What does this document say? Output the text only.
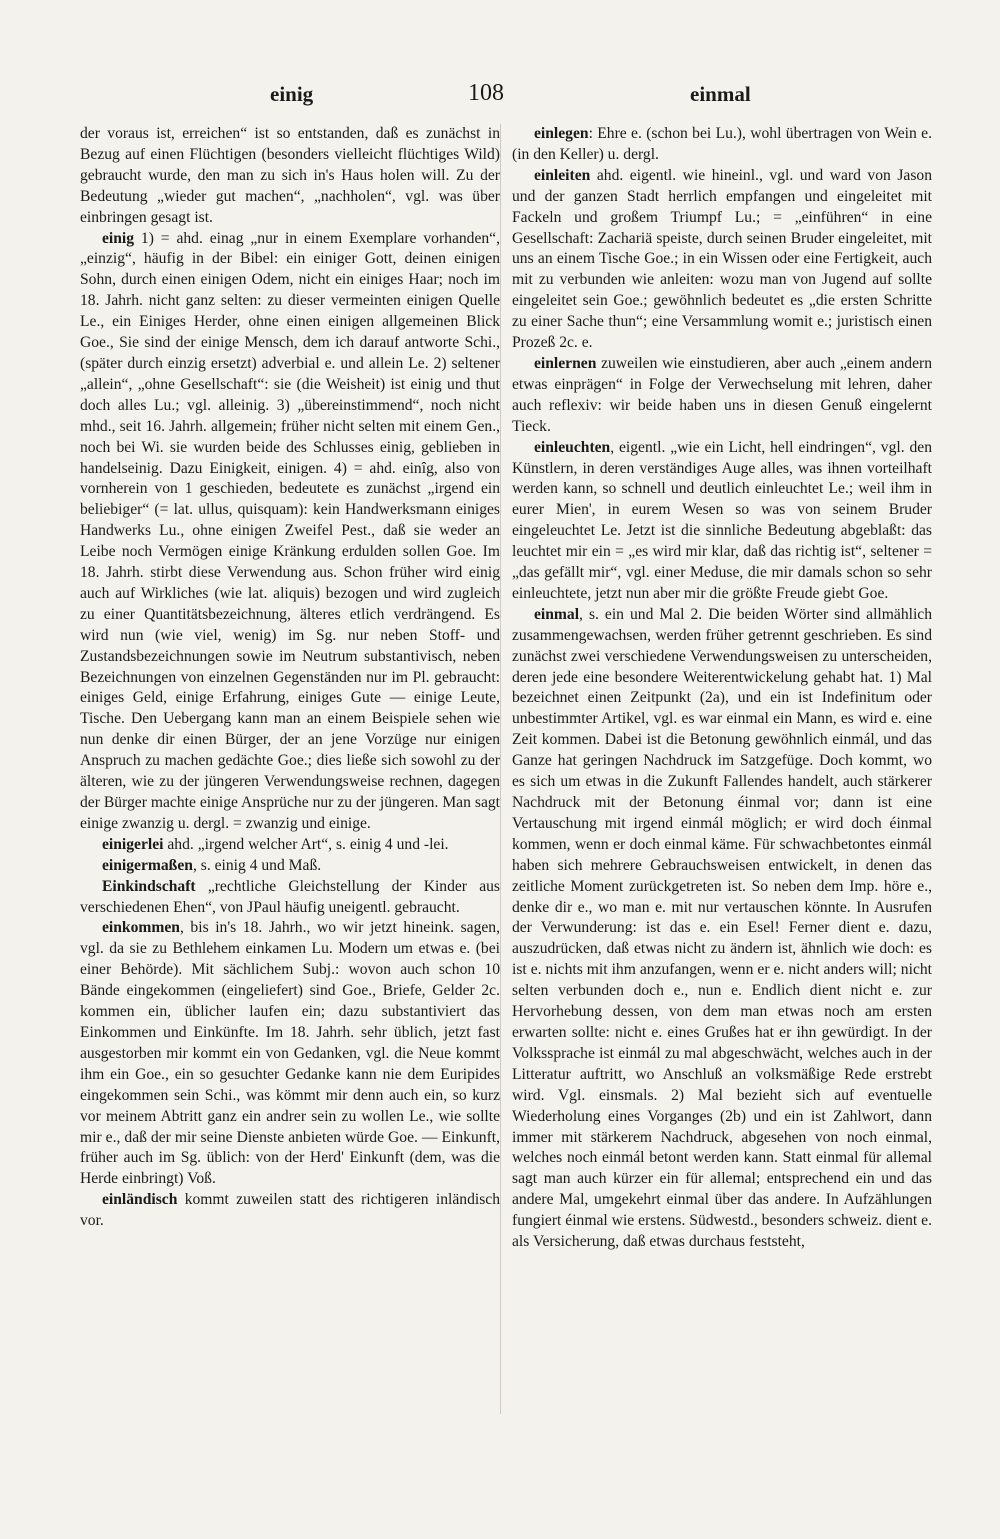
einig	108	einmal

der voraus ist, erreichen“ ist so entstanden, daß es zunächst in Bezug auf einen Flüchtigen (besonders vielleicht flüchtiges Wild) gebraucht wurde, den man zu sich in's Haus holen will. Zu der Bedeutung „wieder gut machen“, „nachholen“, vgl. was über einbringen gesagt ist.

einig 1) = ahd. einag „nur in einem Exemplare vorhanden“, „einzig“, häufig in der Bibel: ein einiger Gott, deinen einigen Sohn, durch einen einigen Odem, nicht ein einiges Haar; noch im 18. Jahrh. nicht ganz selten: zu dieser vermeinten einigen Quelle Le., ein Einiges Herder, ohne einen einigen allgemeinen Blick Goe., Sie sind der einige Mensch, dem ich darauf antworte Schi., (später durch einzig ersetzt) adverbial e. und allein Le. 2) seltener „allein“, „ohne Gesellschaft“: sie (die Weisheit) ist einig und thut doch alles Lu.; vgl. alleinig. 3) „übereinstimmend“, noch nicht mhd., seit 16. Jahrh. allgemein; früher nicht selten mit einem Gen., noch bei Wi. sie wurden beide des Schlusses einig, geblieben in handelseinig. Dazu Einigkeit, einigen. 4) = ahd. einîg, also von vornherein von 1 geschieden, bedeutete es zunächst „irgend ein beliebiger“ (= lat. ullus, quisquam): kein Handwerksmann einiges Handwerks Lu., ohne einigen Zweifel Pest., daß sie weder an Leibe noch Vermögen einige Kränkung erdulden sollen Goe. Im 18. Jahrh. stirbt diese Verwendung aus. Schon früher wird einig auch auf Wirkliches (wie lat. aliquis) bezogen und wird zugleich zu einer Quantitätsbezeichnung, älteres etlich verdrängend. Es wird nun (wie viel, wenig) im Sg. nur neben Stoff- und Zustandsbezeichnungen sowie im Neutrum substantivisch, neben Bezeichnungen von einzelnen Gegenständen nur im Pl. gebraucht: einiges Geld, einige Erfahrung, einiges Gute — einige Leute, Tische. Den Uebergang kann man an einem Beispiele sehen wie nun denke dir einen Bürger, der an jene Vorzüge nur einigen Anspruch zu machen gedächte Goe.; dies ließe sich sowohl zu der älteren, wie zu der jüngeren Verwendungsweise rechnen, dagegen der Bürger machte einige Ansprüche nur zu der jüngeren. Man sagt einige zwanzig u. dergl. = zwanzig und einige.

einigerlei ahd. „irgend welcher Art“, s. einig 4 und -lei.

einigermaßen, s. einig 4 und Maß.

Einkindschaft „rechtliche Gleichstellung der Kinder aus verschiedenen Ehen“, von JPaul häufig uneigentl. gebraucht.

einkommen, bis in's 18. Jahrh., wo wir jetzt hineink. sagen, vgl. da sie zu Bethlehem einkamen Lu. Modern um etwas e. (bei einer Behörde). Mit sächlichem Subj.: wovon auch schon 10 Bände eingekommen (eingeliefert) sind Goe., Briefe, Gelder 2c. kommen ein, üblicher laufen ein; dazu substantiviert das Einkommen und Einkünfte. Im 18. Jahrh. sehr üblich, jetzt fast ausgestorben mir kommt ein von Gedanken, vgl. die Neue kommt ihm ein Goe., ein so gesuchter Gedanke kann nie dem Euripides eingekommen sein Schi., was kömmt mir denn auch ein, so kurz vor meinem Abtritt ganz ein andrer sein zu wollen Le., wie sollte mir e., daß der mir seine Dienste anbieten würde Goe. — Einkunft, früher auch im Sg. üblich: von der Herd' Einkunft (dem, was die Herde einbringt) Voß.

einländisch kommt zuweilen statt des richtigeren inländisch vor.

einlegen: Ehre e. (schon bei Lu.), wohl übertragen von Wein e. (in den Keller) u. dergl.

einleiten ahd. eigentl. wie hineinl., vgl. und ward von Jason und der ganzen Stadt herrlich empfangen und eingeleitet mit Fackeln und großem Triumpf Lu.; = „einführen“ in eine Gesellschaft: Zachariä speiste, durch seinen Bruder eingeleitet, mit uns an einem Tische Goe.; in ein Wissen oder eine Fertigkeit, auch mit zu verbunden wie anleiten: wozu man von Jugend auf sollte eingeleitet sein Goe.; gewöhnlich bedeutet es „die ersten Schritte zu einer Sache thun“; eine Versammlung womit e.; juristisch einen Prozeß 2c. e.

einlernen zuweilen wie einstudieren, aber auch „einem andern etwas einprägen“ in Folge der Verwechselung mit lehren, daher auch reflexiv: wir beide haben uns in diesen Genuß eingelernt Tieck.

einleuchten, eigentl. „wie ein Licht, hell eindringen“, vgl. den Künstlern, in deren verständiges Auge alles, was ihnen vorteilhaft werden kann, so schnell und deutlich einleuchtet Le.; weil ihm in eurer Mien', in eurem Wesen so was von seinem Bruder eingeleuchtet Le. Jetzt ist die sinnliche Bedeutung abgeblaßt: das leuchtet mir ein = „es wird mir klar, daß das richtig ist“, seltener = „das gefällt mir“, vgl. einer Meduse, die mir damals schon so sehr einleuchtete, jetzt nun aber mir die größte Freude giebt Goe.

einmal, s. ein und Mal 2. Die beiden Wörter sind allmählich zusammengewachsen, werden früher getrennt geschrieben. Es sind zunächst zwei verschiedene Verwendungsweisen zu unterscheiden, deren jede eine besondere Weiterentwickelung gehabt hat. 1) Mal bezeichnet einen Zeitpunkt (2a), und ein ist Indefinitum oder unbestimmter Artikel, vgl. es war einmal ein Mann, es wird e. eine Zeit kommen. Dabei ist die Betonung gewöhnlich einmál, und das Ganze hat geringen Nachdruck im Satzgefüge. Doch kommt, wo es sich um etwas in die Zukunft Fallendes handelt, auch stärkerer Nachdruck mit der Betonung éinmal vor; dann ist eine Vertauschung mit irgend einmál möglich; er wird doch éinmal kommen, wenn er doch einmal käme. Für schwachbetontes einmál haben sich mehrere Gebrauchsweisen entwickelt, in denen das zeitliche Moment zurückgetreten ist. So neben dem Imp. höre e., denke dir e., wo man e. mit nur vertauschen könnte. In Ausrufen der Verwunderung: ist das e. ein Esel! Ferner dient e. dazu, auszudrücken, daß etwas nicht zu ändern ist, ähnlich wie doch: es ist e. nichts mit ihm anzufangen, wenn er e. nicht anders will; nicht selten verbunden doch e., nun e. Endlich dient nicht e. zur Hervorhebung dessen, von dem man etwas noch am ersten erwarten sollte: nicht e. eines Grußes hat er ihn gewürdigt. In der Volkssprache ist einmál zu mal abgeschwächt, welches auch in der Litteratur auftritt, wo Anschluß an volksmäßige Rede erstrebt wird. Vgl. einsmals. 2) Mal bezieht sich auf eventuelle Wiederholung eines Vorganges (2b) und ein ist Zahlwort, dann immer mit stärkerem Nachdruck, abgesehen von noch einmal, welches noch einmál betont werden kann. Statt einmal für allemal sagt man auch kürzer ein für allemal; entsprechend ein und das andere Mal, umgekehrt einmal über das andere. In Aufzählungen fungiert éinmal wie erstens. Südwestd., besonders schweiz. dient e. als Versicherung, daß etwas durchaus feststeht,
